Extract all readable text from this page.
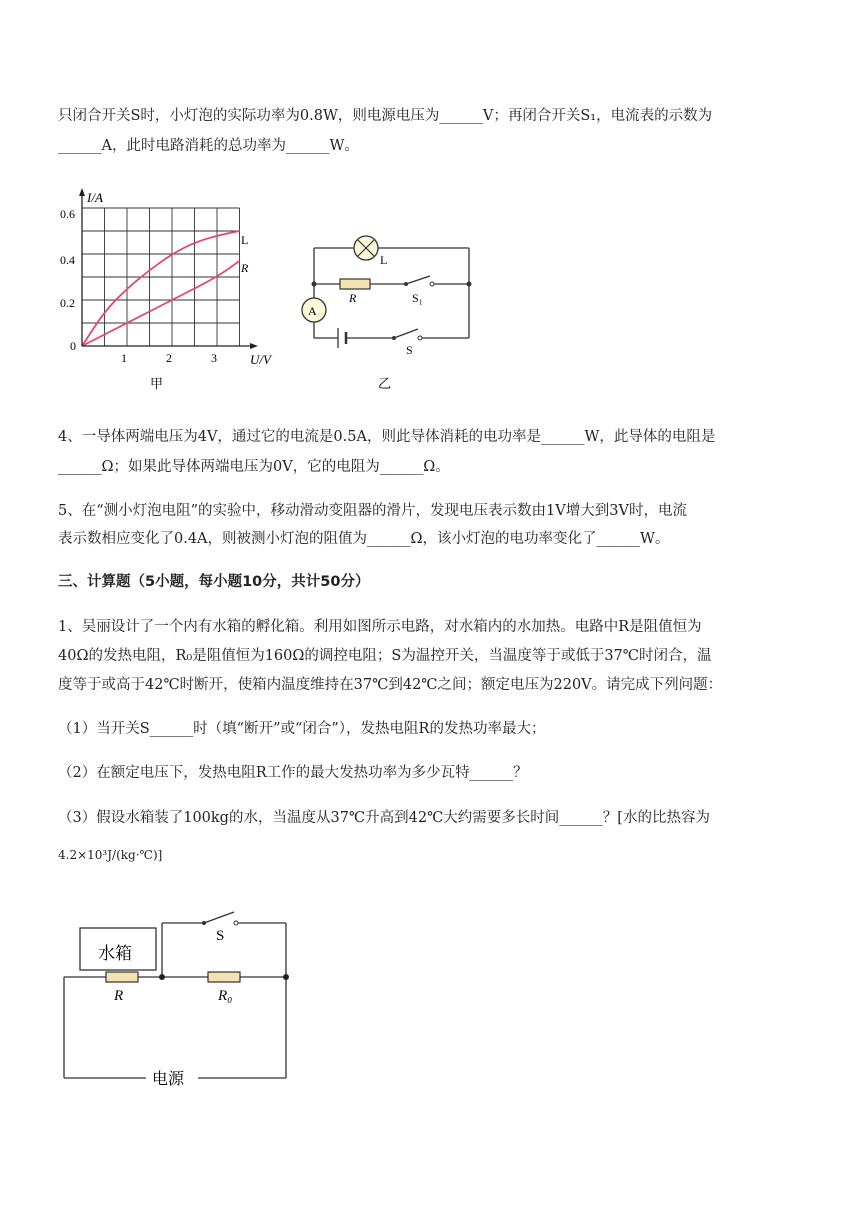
只闭合开关S时，小灯泡的实际功率为0.8W，则电源电压为______V；再闭合开关S₁，电流表的示数为
______A，此时电路消耗的总功率为______W。
I/A
U/V
0.6
0.4
0.2
0
1	2	3
L
R
甲
L
R	S₁
A
S
乙
4、一导体两端电压为4V，通过它的电流是0.5A，则此导体消耗的电功率是______W，此导体的电阻是
______Ω；如果此导体两端电压为0V，它的电阻为______Ω。
5、在“测小灯泡电阻”的实验中，移动滑动变阻器的滑片，发现电压表示数由1V增大到3V时，电流
表示数相应变化了0.4A，则被测小灯泡的阻值为______Ω，该小灯泡的电功率变化了______W。
三、计算题（5小题，每小题10分，共计50分）
1、吴丽设计了一个内有水箱的孵化箱。利用如图所示电路，对水箱内的水加热。电路中R是阻值恒为
40Ω的发热电阻，R₀是阻值恒为160Ω的调控电阻；S为温控开关，当温度等于或低于37℃时闭合，温
度等于或高于42℃时断开，使箱内温度维持在37℃到42℃之间；额定电压为220V。请完成下列问题：
（1）当开关S______时（填“断开”或“闭合”），发热电阻R的发热功率最大；
（2）在额定电压下，发热电阻R工作的最大发热功率为多少瓦特______？
（3）假设水箱装了100kg的水，当温度从37℃升高到42℃大约需要多长时间______？[水的比热容为
4.2×10³J/(kg·℃)]
水箱
R	R₀
S
电源
